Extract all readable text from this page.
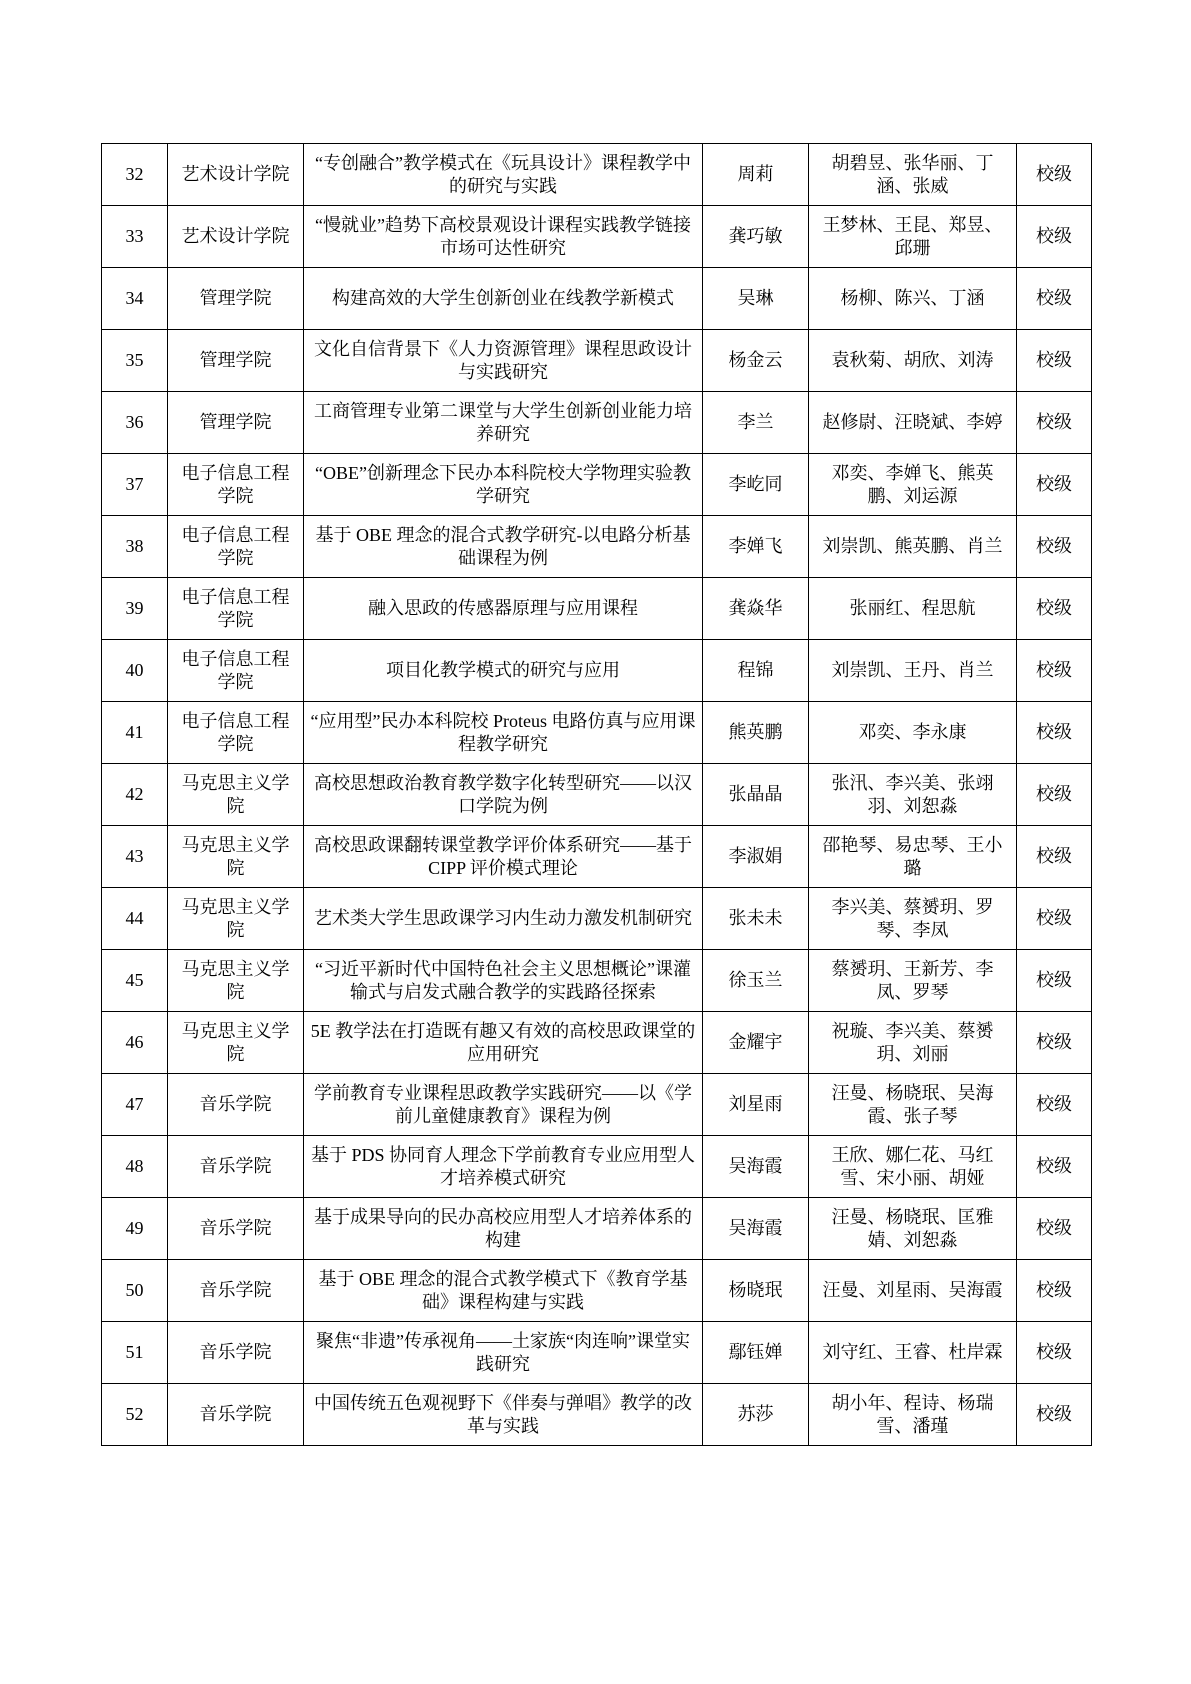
32	艺术设计学院	“专创融合”教学模式在《玩具设计》课程教学中的研究与实践	周莉	胡碧昱、张华丽、丁涵、张威	校级
33	艺术设计学院	“慢就业”趋势下高校景观设计课程实践教学链接市场可达性研究	龚巧敏	王梦林、王昆、郑昱、邱珊	校级
34	管理学院	构建高效的大学生创新创业在线教学新模式	吴琳	杨柳、陈兴、丁涵	校级
35	管理学院	文化自信背景下《人力资源管理》课程思政设计与实践研究	杨金云	袁秋菊、胡欣、刘涛	校级
36	管理学院	工商管理专业第二课堂与大学生创新创业能力培养研究	李兰	赵修尉、汪晓斌、李婷	校级
37	电子信息工程学院	“OBE”创新理念下民办本科院校大学物理实验教学研究	李屹同	邓奕、李婵飞、熊英鹏、刘运源	校级
38	电子信息工程学院	基于 OBE 理念的混合式教学研究-以电路分析基础课程为例	李婵飞	刘崇凯、熊英鹏、肖兰	校级
39	电子信息工程学院	融入思政的传感器原理与应用课程	龚焱华	张丽红、程思航	校级
40	电子信息工程学院	项目化教学模式的研究与应用	程锦	刘崇凯、王丹、肖兰	校级
41	电子信息工程学院	“应用型”民办本科院校 Proteus 电路仿真与应用课程教学研究	熊英鹏	邓奕、李永康	校级
42	马克思主义学院	高校思想政治教育教学数字化转型研究——以汉口学院为例	张晶晶	张汛、李兴美、张翊羽、刘恕淼	校级
43	马克思主义学院	高校思政课翻转课堂教学评价体系研究——基于 CIPP 评价模式理论	李淑娟	邵艳琴、易忠琴、王小璐	校级
44	马克思主义学院	艺术类大学生思政课学习内生动力激发机制研究	张未未	李兴美、蔡赟玥、罗琴、李凤	校级
45	马克思主义学院	“习近平新时代中国特色社会主义思想概论”课灌输式与启发式融合教学的实践路径探索	徐玉兰	蔡赟玥、王新芳、李凤、罗琴	校级
46	马克思主义学院	5E 教学法在打造既有趣又有效的高校思政课堂的应用研究	金耀宇	祝璇、李兴美、蔡赟玥、刘丽	校级
47	音乐学院	学前教育专业课程思政教学实践研究——以《学前儿童健康教育》课程为例	刘星雨	汪曼、杨晓珉、吴海霞、张子琴	校级
48	音乐学院	基于 PDS 协同育人理念下学前教育专业应用型人才培养模式研究	吴海霞	王欣、娜仁花、马红雪、宋小丽、胡娅	校级
49	音乐学院	基于成果导向的民办高校应用型人才培养体系的构建	吴海霞	汪曼、杨晓珉、匡雅婧、刘恕淼	校级
50	音乐学院	基于 OBE 理念的混合式教学模式下《教育学基础》课程构建与实践	杨晓珉	汪曼、刘星雨、吴海霞	校级
51	音乐学院	聚焦“非遗”传承视角——土家族“肉连响”课堂实践研究	鄢钰婵	刘守红、王睿、杜岸霖	校级
52	音乐学院	中国传统五色观视野下《伴奏与弹唱》教学的改革与实践	苏莎	胡小年、程诗、杨瑞雪、潘瑾	校级
